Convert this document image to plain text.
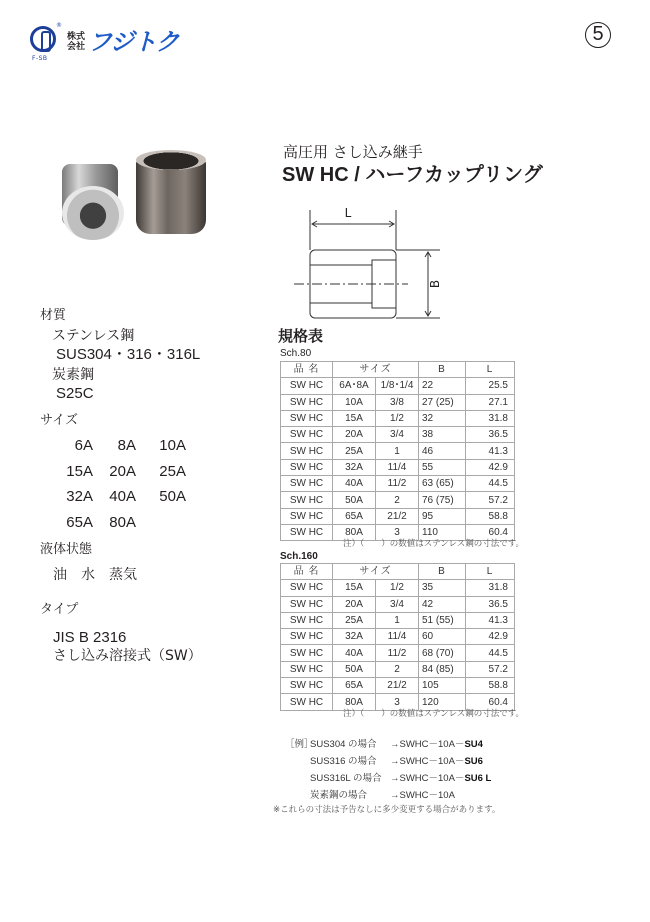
®
F-SB
株式
会社 フジトク	5
高圧用 さし込み継手
SW HC / ハーフカップリング
L
B
材質
ステンレス鋼
SUS304・316・316L
炭素鋼
S25C
サイズ
6A	8A	10A
15A	20A	25A
32A	40A	50A
65A	80A
液体状態
油　水　蒸気
タイプ
JIS B 2316
さし込み溶接式（SW）
規格表
Sch.80
品 名	サイズ		B	L
SW HC	6A･8A	1/8･1/4	22	25.5
SW HC	10A	3/8	27 (25)	27.1
SW HC	15A	1/2	32	31.8
SW HC	20A	3/4	38	36.5
SW HC	25A	1	46	41.3
SW HC	32A	11/4	55	42.9
SW HC	40A	11/2	63 (65)	44.5
SW HC	50A	2	76 (75)	57.2
SW HC	65A	21/2	95	58.8
SW HC	80A	3	110	60.4
注）（　　）の数値はステンレス鋼の寸法です。
Sch.160
品 名	サイズ		B	L
SW HC	15A	1/2	35	31.8
SW HC	20A	3/4	42	36.5
SW HC	25A	1	51 (55)	41.3
SW HC	32A	11/4	60	42.9
SW HC	40A	11/2	68 (70)	44.5
SW HC	50A	2	84 (85)	57.2
SW HC	65A	21/2	105	58.8
SW HC	80A	3	120	60.4
注）（　　）の数値はステンレス鋼の寸法です。
［例］
SUS304 の場合	→SWHC－10A－ SU4
SUS316 の場合	→SWHC－10A－ SU6
SUS316L の場合 →SWHC－10A－ SU6 L
炭素鋼の場合	→SWHC－10A
※これらの寸法は予告なしに多少変更する場合があります。
